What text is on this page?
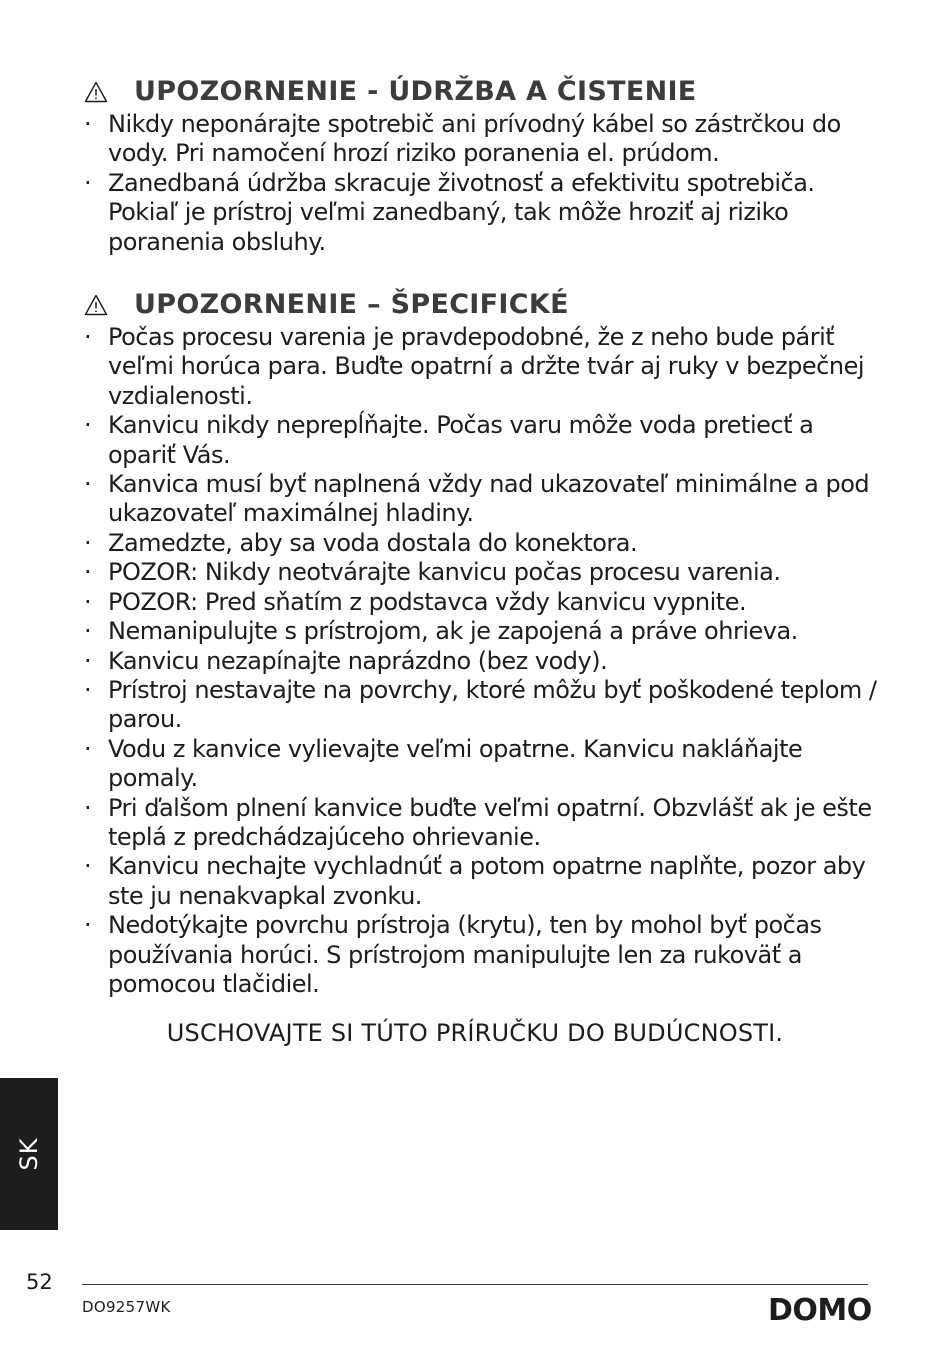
UPOZORNENIE - ÚDRŽBA A ČISTENIE
· Nikdy neponárajte spotrebič ani prívodný kábel so zástrčkou do vody. Pri namočení hrozí riziko poranenia el. prúdom.
· Zanedbaná údržba skracuje životnosť a efektivitu spotrebiča. Pokiaľ je prístroj veľmi zanedbaný, tak môže hroziť aj riziko poranenia obsluhy.
UPOZORNENIE – ŠPECIFICKÉ
· Počas procesu varenia je pravdepodobné, že z neho bude páriť veľmi horúca para. Buďte opatrní a držte tvár aj ruky v bezpečnej vzdialenosti.
· Kanvicu nikdy neprepĺňajte. Počas varu môže voda pretiecť a opariť Vás.
· Kanvica musí byť naplnená vždy nad ukazovateľ minimálne a pod ukazovateľ maximálnej hladiny.
· Zamedzte, aby sa voda dostala do konektora.
· POZOR: Nikdy neotvárajte kanvicu počas procesu varenia.
· POZOR: Pred sňatím z podstavca vždy kanvicu vypnite.
· Nemanipulujte s prístrojom, ak je zapojená a práve ohrieva.
· Kanvicu nezapínajte naprázdno (bez vody).
· Prístroj nestavajte na povrchy, ktoré môžu byť poškodené teplom / parou.
· Vodu z kanvice vylievajte veľmi opatrne. Kanvicu nakláňajte pomaly.
· Pri ďalšom plnení kanvice buďte veľmi opatrní. Obzvlášť ak je ešte teplá z predchádzajúceho ohrievanie.
· Kanvicu nechajte vychladnúť a potom opatrne naplňte, pozor aby ste ju nenakvapkal zvonku.
· Nedotýkajte povrchu prístroja (krytu), ten by mohol byť počas používania horúci. S prístrojom manipulujte len za rukoväť a pomocou tlačidiel.
USCHOVAJTE SI TÚTO PRÍRUČKU DO BUDÚCNOSTI.
SK
52
DO9257WK	DOMO
